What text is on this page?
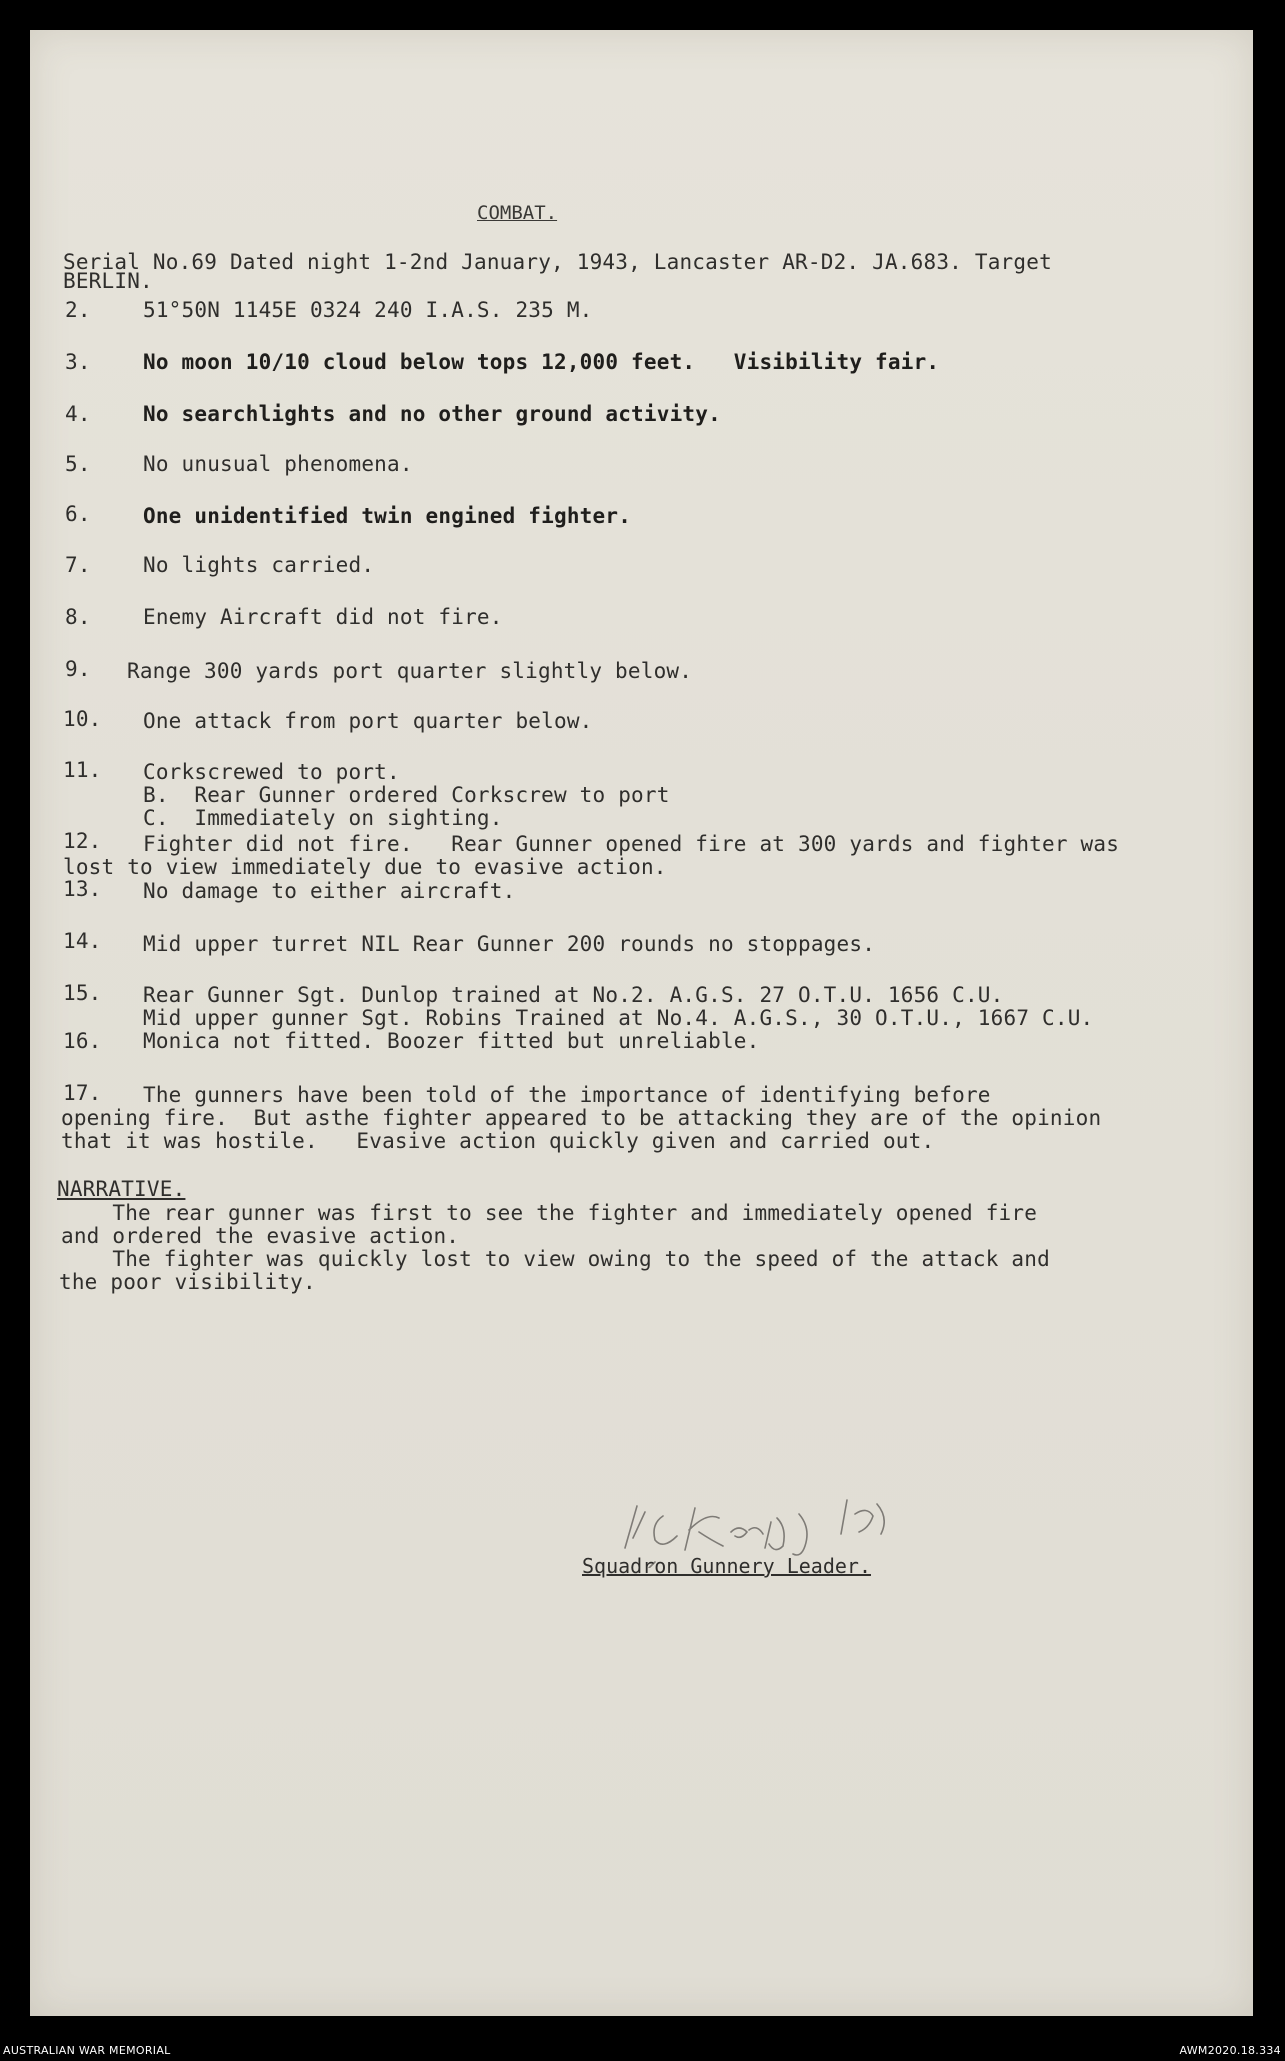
COMBAT.
Serial No.69 Dated night 1-2nd January, 1943, Lancaster AR-D2. JA.683. Target
BERLIN.
2. 51°50N 1145E 0324 240 I.A.S. 235 M.
3. No moon 10/10 cloud below tops 12,000 feet.   Visibility fair.
4. No searchlights and no other ground activity.
5. No unusual phenomena.
6. One unidentified twin engined fighter.
7. No lights carried.
8. Enemy Aircraft did not fire.
9. Range 300 yards port quarter slightly below.
10. One attack from port quarter below.
11. Corkscrewed to port.
B.  Rear Gunner ordered Corkscrew to port
C.  Immediately on sighting.
12. Fighter did not fire.   Rear Gunner opened fire at 300 yards and fighter was
lost to view immediately due to evasive action.
13. No damage to either aircraft.
14. Mid upper turret NIL Rear Gunner 200 rounds no stoppages.
15. Rear Gunner Sgt. Dunlop trained at No.2. A.G.S. 27 O.T.U. 1656 C.U.
Mid upper gunner Sgt. Robins Trained at No.4. A.G.S., 30 O.T.U., 1667 C.U.
16. Monica not fitted. Boozer fitted but unreliable.
17. The gunners have been told of the importance of identifying before
opening fire.  But asthe fighter appeared to be attacking they are of the opinion
that it was hostile.   Evasive action quickly given and carried out.
NARRATIVE.
The rear gunner was first to see the fighter and immediately opened fire
and ordered the evasive action.
The fighter was quickly lost to view owing to the speed of the attack and
the poor visibility.
Squadron Gunnery Leader.
AUSTRALIAN WAR MEMORIAL	AWM2020.18.334
